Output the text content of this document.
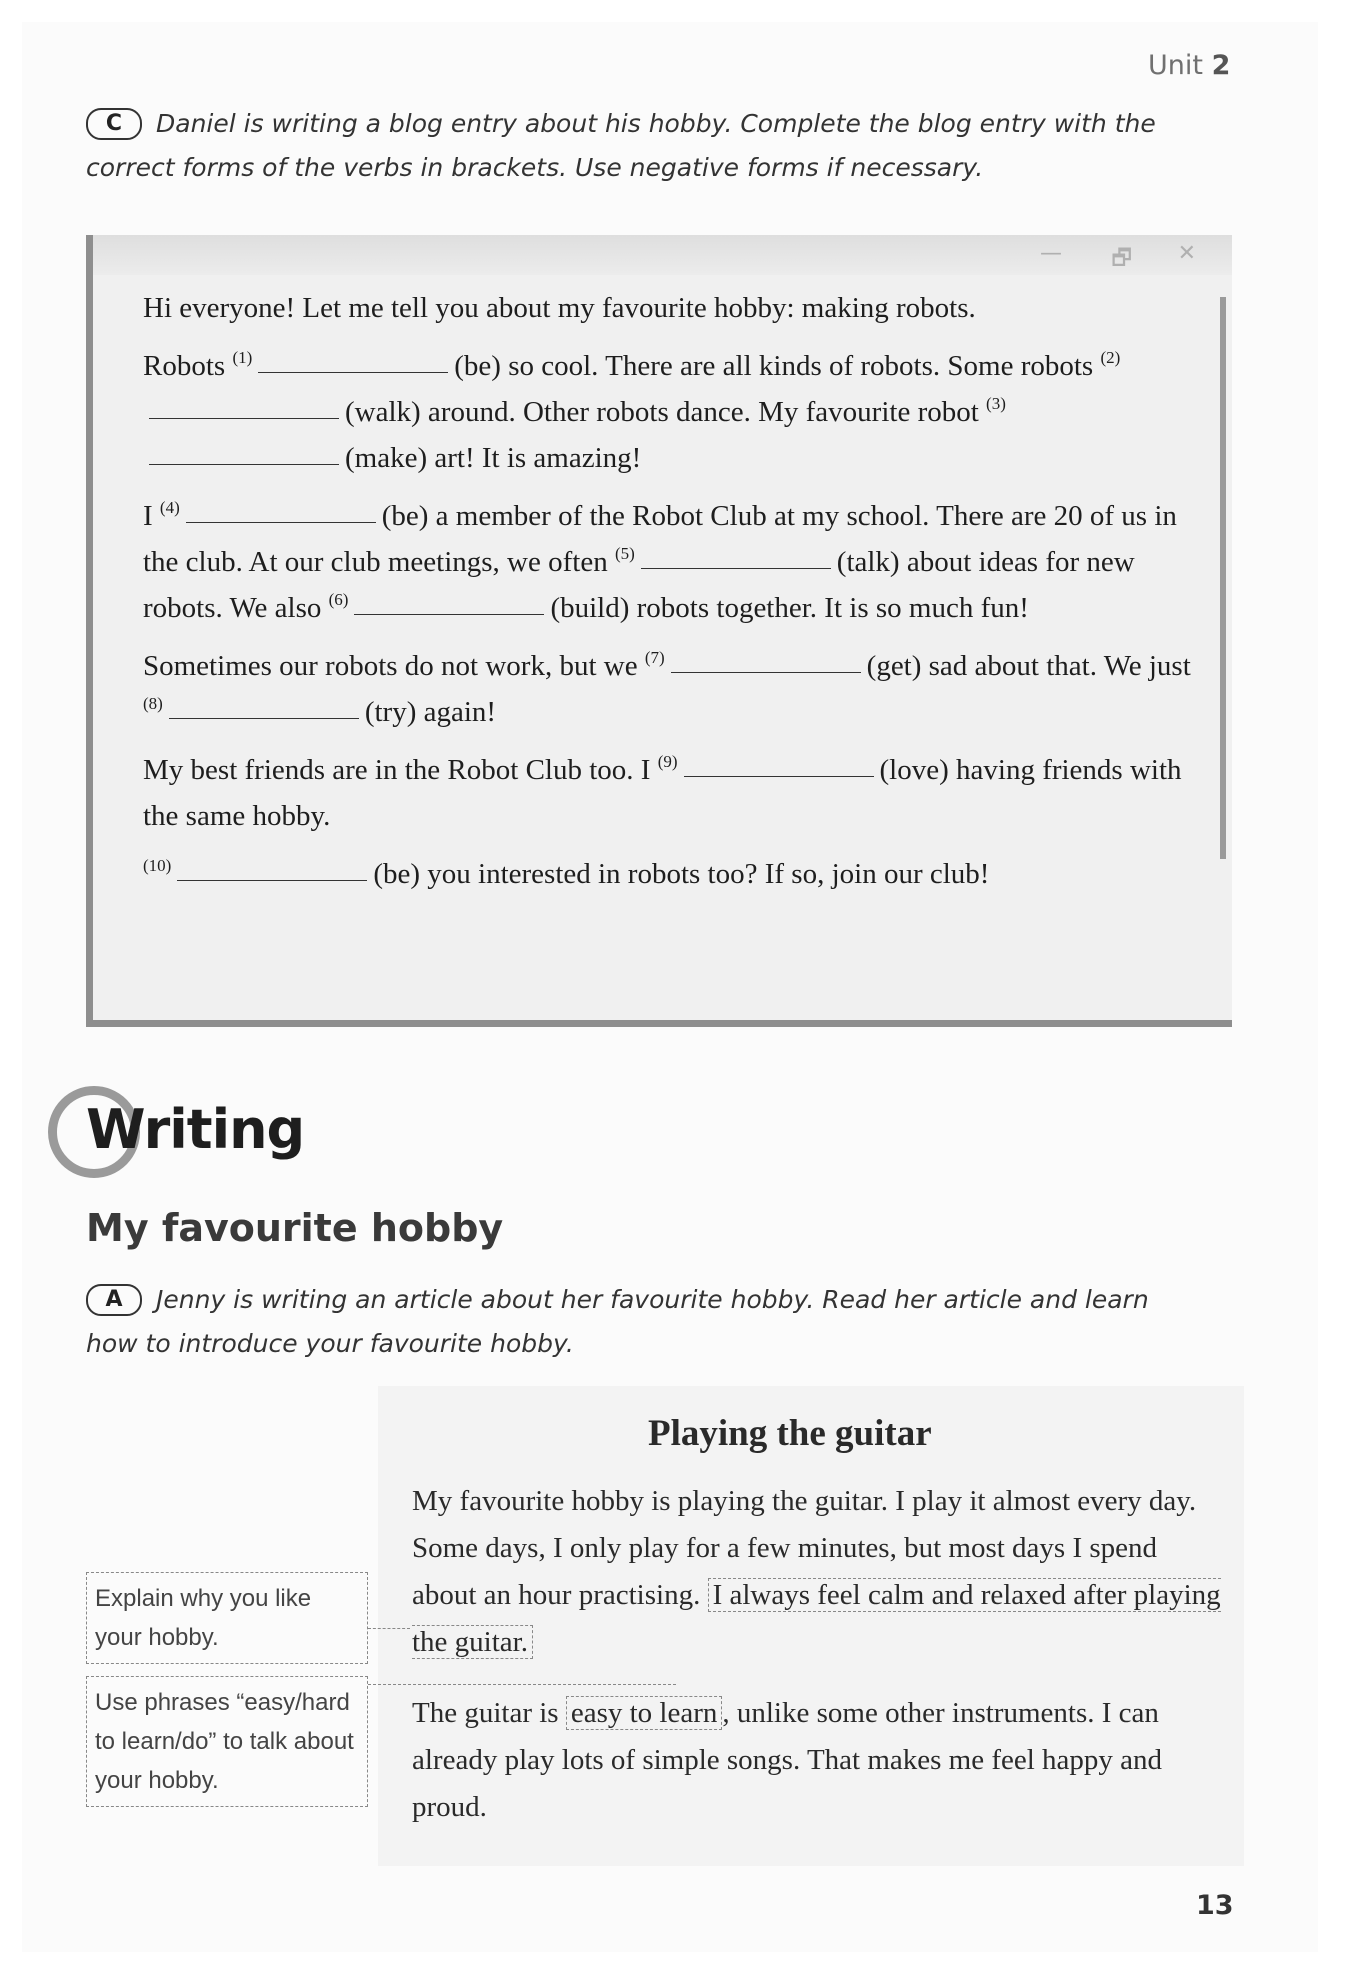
Unit 2
C Daniel is writing a blog entry about his hobby. Complete the blog entry with the correct forms of the verbs in brackets. Use negative forms if necessary.
— 🗗 ✕

Hi everyone! Let me tell you about my favourite hobby: making robots.

Robots $^{(1)}$	(be) so cool. There are all kinds of robots. Some robots $^{(2)}$(walk) around. Other robots dance. My favourite robot $^{(3)}$(make) art! It is amazing!

I $^{(4)}$	(be) a member of the Robot Club at my school. There are 20 of us in the club. At our club meetings, we often $^{(5)}$	(talk) about ideas for new robots. We also $^{(6)}$	(build) robots together. It is so much fun!

Sometimes our robots do not work, but we $^{(7)}$	(get) sad about that. We just $^{(8)}$	(try) again!

My best friends are in the Robot Club too. I $^{(9)}$	(love) having friends with the same hobby.

$^{(10)}$	(be) you interested in robots too? If so, join our club!

Writing
My favourite hobby
A Jenny is writing an article about her favourite hobby. Read her article and learn how to introduce your favourite hobby.
Playing the guitar

My favourite hobby is playing the guitar. I play it almost every day. Some days, I only play for a few minutes, but most days I spend about an hour practising. I always feel calm and relaxed after playing the guitar.

The guitar is easy to learn , unlike some other instruments. I can already play lots of simple songs. That makes me feel happy and proud.

Explain why you like your hobby.
Use phrases “easy/hard to learn/do” to talk about your hobby.
13
